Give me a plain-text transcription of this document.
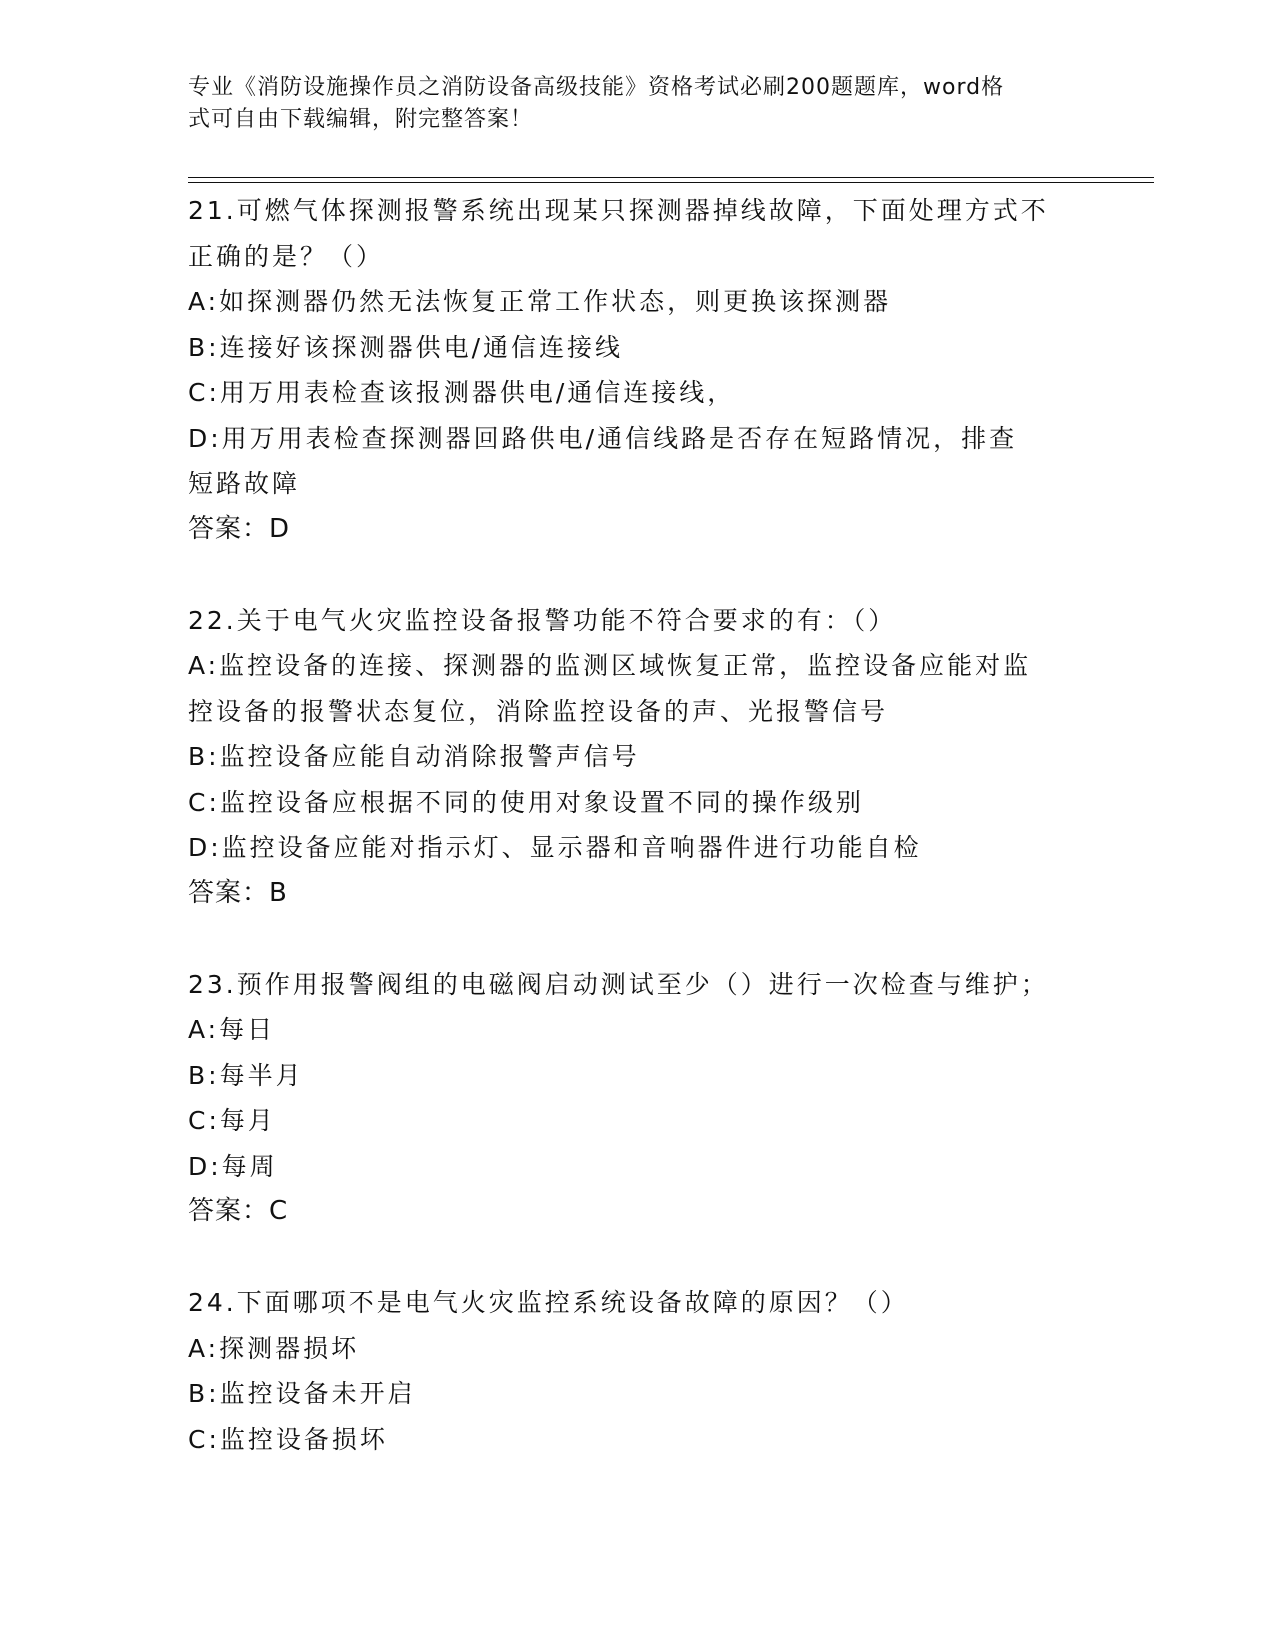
专业《消防设施操作员之消防设备高级技能》资格考试必刷200题题库，word格
式可自由下载编辑，附完整答案！
21.可燃气体探测报警系统出现某只探测器掉线故障，下面处理方式不
正确的是？（）
A:如探测器仍然无法恢复正常工作状态，则更换该探测器
B:连接好该探测器供电/通信连接线
C:用万用表检查该报测器供电/通信连接线，
D:用万用表检查探测器回路供电/通信线路是否存在短路情况，排查
短路故障
答案：D
22.关于电气火灾监控设备报警功能不符合要求的有：（）
A:监控设备的连接、探测器的监测区域恢复正常，监控设备应能对监
控设备的报警状态复位，消除监控设备的声、光报警信号
B:监控设备应能自动消除报警声信号
C:监控设备应根据不同的使用对象设置不同的操作级别
D:监控设备应能对指示灯、显示器和音响器件进行功能自检
答案：B
23.预作用报警阀组的电磁阀启动测试至少（）进行一次检查与维护；
A:每日
B:每半月
C:每月
D:每周
答案：C
24.下面哪项不是电气火灾监控系统设备故障的原因？（）
A:探测器损坏
B:监控设备未开启
C:监控设备损坏
